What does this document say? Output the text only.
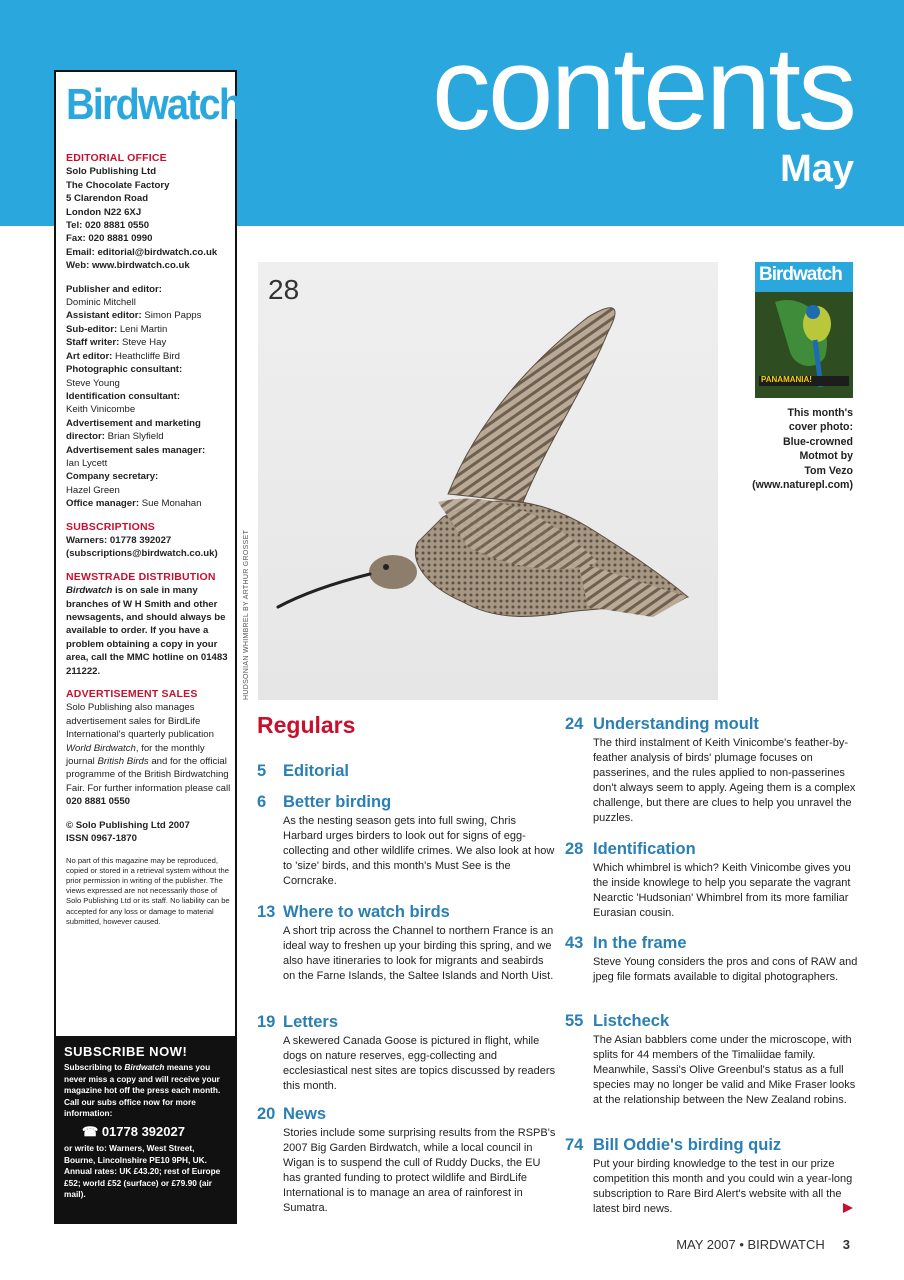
contents
May
Birdwatch
EDITORIAL OFFICE
Solo Publishing Ltd
The Chocolate Factory
5 Clarendon Road
London N22 6XJ
Tel: 020 8881 0550
Fax: 020 8881 0990
Email: editorial@birdwatch.co.uk
Web: www.birdwatch.co.uk
Publisher and editor:
Dominic Mitchell
Assistant editor: Simon Papps
Sub-editor: Leni Martin
Staff writer: Steve Hay
Art editor: Heathcliffe Bird
Photographic consultant:
Steve Young
Identification consultant:
Keith Vinicombe
Advertisement and marketing director: Brian Slyfield
Advertisement sales manager:
Ian Lycett
Company secretary:
Hazel Green
Office manager: Sue Monahan
SUBSCRIPTIONS
Warners: 01778 392027 (subscriptions@birdwatch.co.uk)
NEWSTRADE DISTRIBUTION
Birdwatch is on sale in many branches of W H Smith and other newsagents, and should always be available to order. If you have a problem obtaining a copy in your area, call the MMC hotline on 01483 211222.
ADVERTISEMENT SALES
Solo Publishing also manages advertisement sales for BirdLife International's quarterly publication World Birdwatch, for the monthly journal British Birds and for the official programme of the British Birdwatching Fair. For further information please call
020 8881 0550
© Solo Publishing Ltd 2007
ISSN 0967-1870
No part of this magazine may be reproduced, copied or stored in a retrieval system without the prior permission in writing of the publisher. The views expressed are not necessarily those of Solo Publishing Ltd or its staff. No liability can be accepted for any loss or damage to material submitted, however caused.
SUBSCRIBE NOW!
Subscribing to Birdwatch means you never miss a copy and will receive your magazine hot off the press each month. Call our subs office now for more information:
☎ 01778 392027
or write to: Warners, West Street, Bourne, Lincolnshire PE10 9PH, UK. Annual rates: UK £43.20; rest of Europe £52; world £52 (surface) or £79.90 (air mail).
28
HUDSONIAN WHIMBREL BY ARTHUR GROSSET
Birdwatch
PANAMANIA!
This month's
cover photo:
Blue-crowned
Motmot by
Tom Vezo
(www.naturepl.com)
Regulars
5 Editorial
6 Better birding
As the nesting season gets into full swing, Chris Harbard urges birders to look out for signs of egg-collecting and other wildlife crimes. We also look at how to 'size' birds, and this month's Must See is the Corncrake.
13 Where to watch birds
A short trip across the Channel to northern France is an ideal way to freshen up your birding this spring, and we also have itineraries to look for migrants and seabirds on the Farne Islands, the Saltee Islands and North Uist.
19 Letters
A skewered Canada Goose is pictured in flight, while dogs on nature reserves, egg-collecting and ecclesiastical nest sites are topics discussed by readers this month.
20 News
Stories include some surprising results from the RSPB's 2007 Big Garden Birdwatch, while a local council in Wigan is to suspend the cull of Ruddy Ducks, the EU has granted funding to protect wildlife and BirdLife International is to manage an area of rainforest in Sumatra.
24 Understanding moult
The third instalment of Keith Vinicombe's feather-by-feather analysis of birds' plumage focuses on passerines, and the rules applied to non-passerines don't always seem to apply. Ageing them is a complex challenge, but there are clues to help you unravel the puzzles.
28 Identification
Which whimbrel is which? Keith Vinicombe gives you the inside knowlege to help you separate the vagrant Nearctic 'Hudsonian' Whimbrel from its more familiar Eurasian cousin.
43 In the frame
Steve Young considers the pros and cons of RAW and jpeg file formats available to digital photographers.
55 Listcheck
The Asian babblers come under the microscope, with splits for 44 members of the Timaliidae family. Meanwhile, Sassi's Olive Greenbul's status as a full species may no longer be valid and Mike Fraser looks at the relationship between the New Zealand robins.
74 Bill Oddie's birding quiz
Put your birding knowledge to the test in our prize competition this month and you could win a year-long subscription to Rare Bird Alert's website with all the latest bird news.
MAY 2007 • BIRDWATCH 3
